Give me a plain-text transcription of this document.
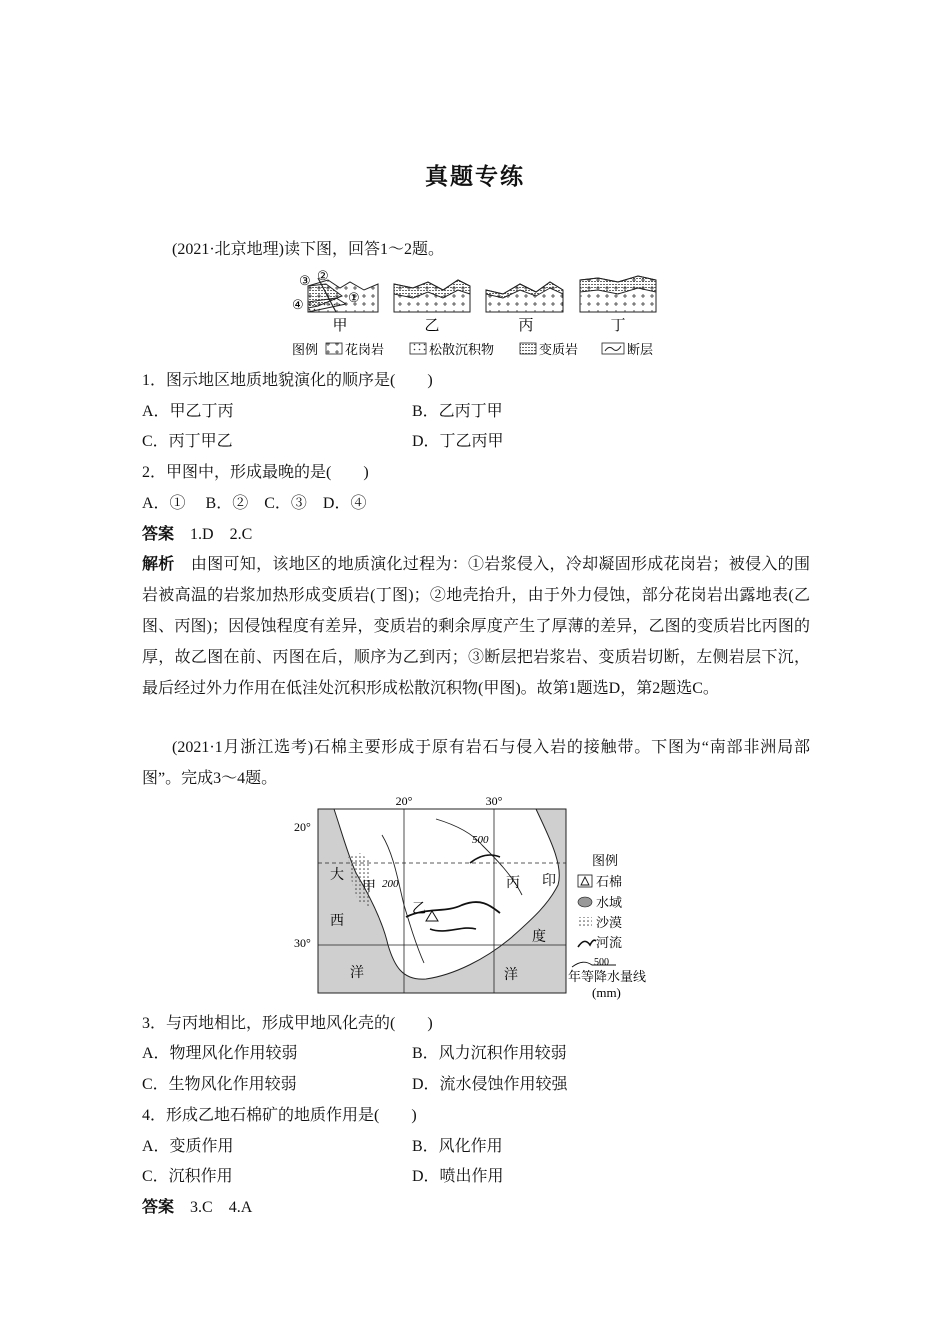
真题专练
(2021·北京地理)读下图，回答1～2题。
③ ②
①
④
甲	乙	丙	丁
图例 花岗岩	松散沉积物	变质岩	断层
1．图示地区地质地貌演化的顺序是(　　)
A．甲乙丁丙	B．乙丙丁甲
C．丙丁甲乙	D．丁乙丙甲
2．甲图中，形成最晚的是(　　)
A．①　 B．②　C．③　D．④
答案　 1.D　2.C
解析　 由图可知，该地区的地质演化过程为：①岩浆侵入，冷却凝固形成花岗岩；被侵入的围岩被高温的岩浆加热形成变质岩(丁图)；②地壳抬升，由于外力侵蚀，部分花岗岩出露地表(乙图、丙图)；因侵蚀程度有差异，变质岩的剩余厚度产生了厚薄的差异，乙图的变质岩比丙图的厚，故乙图在前、丙图在后，顺序为乙到丙；③断层把岩浆岩、变质岩切断，左侧岩层下沉，最后经过外力作用在低洼处沉积形成松散沉积物(甲图)。故第1题选D，第2题选C。
(2021·1月浙江选考)石棉主要形成于原有岩石与侵入岩的接触带。下图为“南部非洲局部图”。完成3～4题。
20°	30°
20°
30°
大
西
洋
印
度
洋
甲
乙
丙
500
200
图例
石棉
水域
沙漠
河流
500
年等降水量线
(mm)
3．与丙地相比，形成甲地风化壳的(　　)
A．物理风化作用较弱	B．风力沉积作用较弱
C．生物风化作用较弱	D．流水侵蚀作用较强
4．形成乙地石棉矿的地质作用是(　　)
A．变质作用	B．风化作用
C．沉积作用	D．喷出作用
答案　 3.C　4.A
